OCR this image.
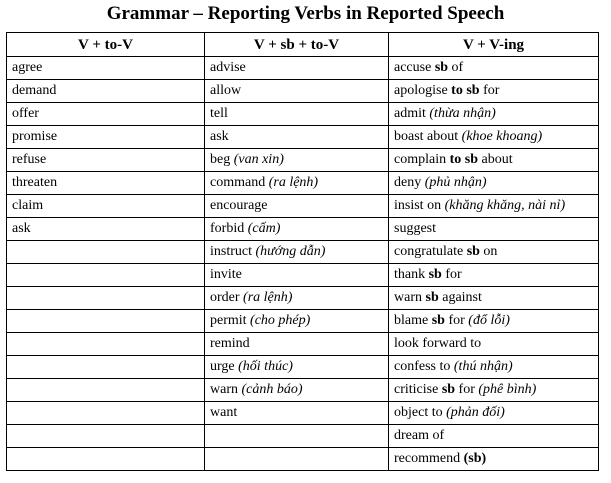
Grammar – Reporting Verbs in Reported Speech
V + to-V	V + sb + to-V	V + V-ing
agree	advise	accuse sb of
demand	allow	apologise to sb for
offer	tell	admit (thừa nhận)
promise	ask	boast about (khoe khoang)
refuse	beg (van xin)	complain to sb about
threaten	command (ra lệnh)	deny (phủ nhận)
claim	encourage	insist on (khăng khăng, nài nỉ)
ask	forbid (cấm)	suggest
	instruct (hướng dẫn)	congratulate sb on
	invite	thank sb for
	order (ra lệnh)	warn sb against
	permit (cho phép)	blame sb for (đổ lỗi)
	remind	look forward to
	urge (hối thúc)	confess to (thú nhận)
	warn (cảnh báo)	criticise sb for (phê bình)
	want	object to (phản đối)
		dream of
		recommend (sb)
